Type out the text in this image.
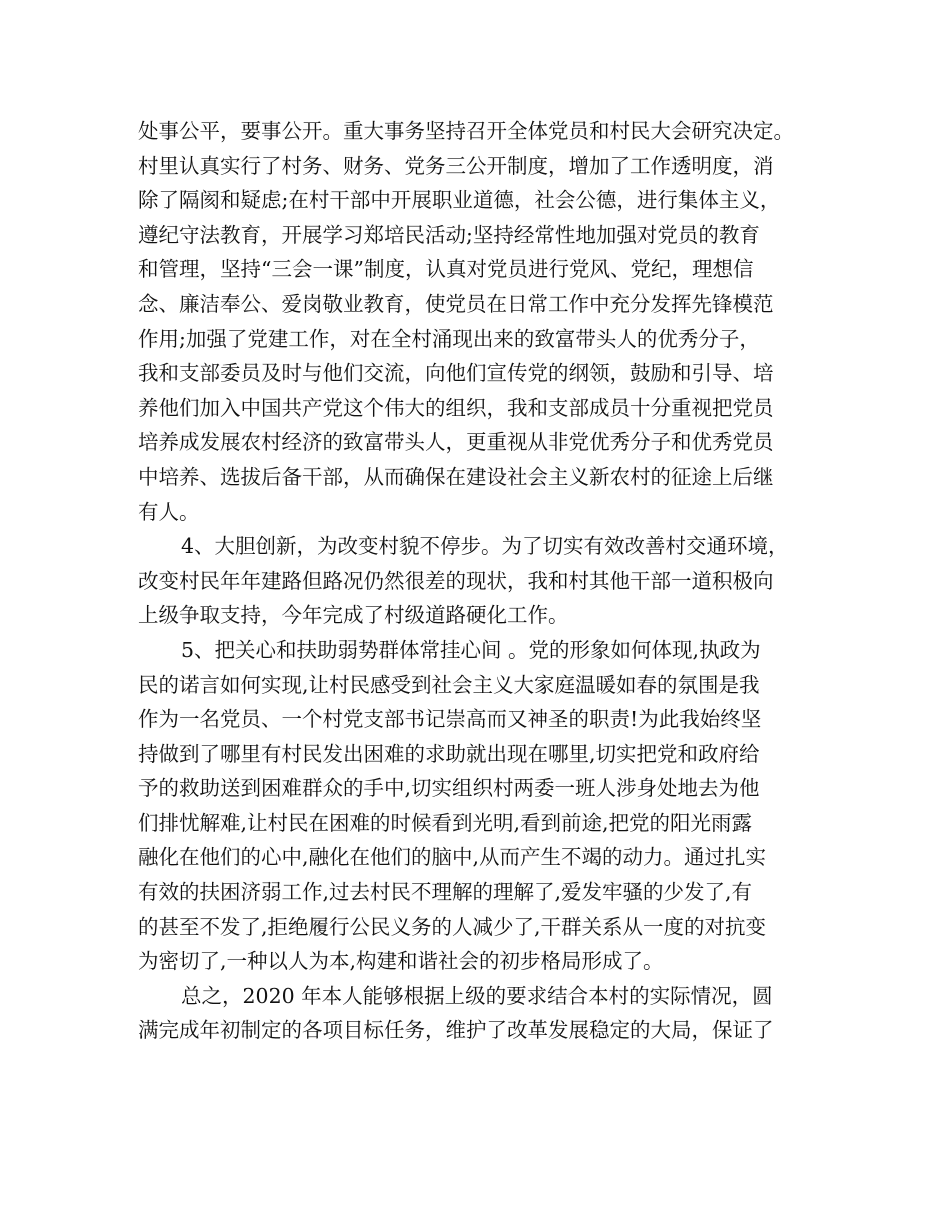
处事公平，要事公开。重大事务坚持召开全体党员和村民大会研究决定。
村里认真实行了村务、财务、党务三公开制度，增加了工作透明度，消
除了隔阂和疑虑;在村干部中开展职业道德，社会公德，进行集体主义，
遵纪守法教育，开展学习郑培民活动;坚持经常性地加强对党员的教育
和管理，坚持“三会一课”制度，认真对党员进行党风、党纪，理想信
念、廉洁奉公、爱岗敬业教育，使党员在日常工作中充分发挥先锋模范
作用;加强了党建工作，对在全村涌现出来的致富带头人的优秀分子，
我和支部委员及时与他们交流，向他们宣传党的纲领，鼓励和引导、培
养他们加入中国共产党这个伟大的组织，我和支部成员十分重视把党员
培养成发展农村经济的致富带头人，更重视从非党优秀分子和优秀党员
中培养、选拔后备干部，从而确保在建设社会主义新农村的征途上后继
有人。
4、大胆创新，为改变村貌不停步。为了切实有效改善村交通环境，
改变村民年年建路但路况仍然很差的现状，我和村其他干部一道积极向
上级争取支持，今年完成了村级道路硬化工作。
5、把关心和扶助弱势群体常挂心间 。党的形象如何体现,执政为
民的诺言如何实现,让村民感受到社会主义大家庭温暖如春的氛围是我
作为一名党员、一个村党支部书记崇高而又神圣的职责!为此我始终坚
持做到了哪里有村民发出困难的求助就出现在哪里,切实把党和政府给
予的救助送到困难群众的手中,切实组织村两委一班人涉身处地去为他
们排忧解难,让村民在困难的时候看到光明,看到前途,把党的阳光雨露
融化在他们的心中,融化在他们的脑中,从而产生不竭的动力。通过扎实
有效的扶困济弱工作,过去村民不理解的理解了,爱发牢骚的少发了,有
的甚至不发了,拒绝履行公民义务的人减少了,干群关系从一度的对抗变
为密切了,一种以人为本,构建和谐社会的初步格局形成了。
总之，2020 年本人能够根据上级的要求结合本村的实际情况，圆
满完成年初制定的各项目标任务，维护了改革发展稳定的大局，保证了
